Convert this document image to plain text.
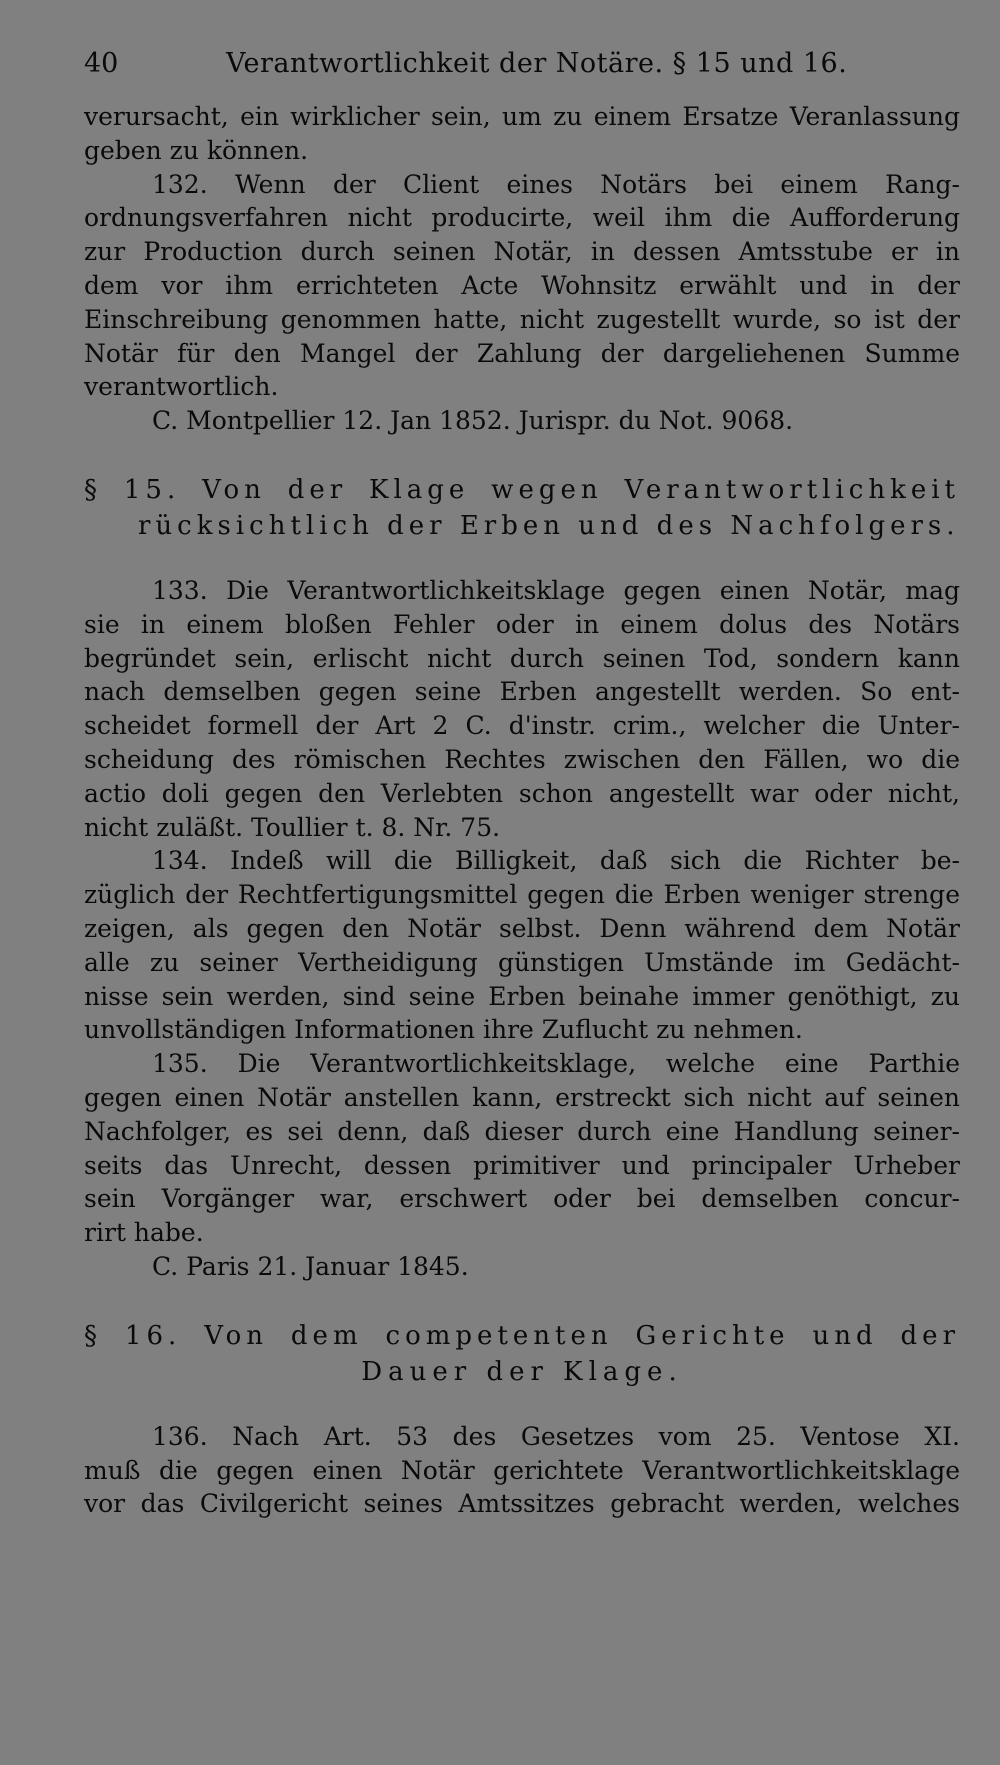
40	Verantwortlichkeit der Notäre. § 15 und 16.
verursacht, ein wirklicher sein, um zu einem Ersatze Veranlassung
geben zu können.
132. Wenn der Client eines Notärs bei einem Rang-
ordnungsverfahren nicht producirte, weil ihm die Aufforderung
zur Production durch seinen Notär, in dessen Amtsstube er in
dem vor ihm errichteten Acte Wohnsitz erwählt und in der
Einschreibung genommen hatte, nicht zugestellt wurde, so ist der
Notär für den Mangel der Zahlung der dargeliehenen Summe
verantwortlich.
C. Montpellier 12. Jan 1852. Jurispr. du Not. 9068.
§ 15. Von der Klage wegen Verantwortlichkeit
rücksichtlich der Erben und des Nachfolgers.
133. Die Verantwortlichkeitsklage gegen einen Notär, mag
sie in einem bloßen Fehler oder in einem dolus des Notärs
begründet sein, erlischt nicht durch seinen Tod, sondern kann
nach demselben gegen seine Erben angestellt werden. So ent-
scheidet formell der Art 2 C. d'instr. crim., welcher die Unter-
scheidung des römischen Rechtes zwischen den Fällen, wo die
actio doli gegen den Verlebten schon angestellt war oder nicht,
nicht zuläßt. Toullier t. 8. Nr. 75.
134. Indeß will die Billigkeit, daß sich die Richter be-
züglich der Rechtfertigungsmittel gegen die Erben weniger strenge
zeigen, als gegen den Notär selbst. Denn während dem Notär
alle zu seiner Vertheidigung günstigen Umstände im Gedächt-
nisse sein werden, sind seine Erben beinahe immer genöthigt, zu
unvollständigen Informationen ihre Zuflucht zu nehmen.
135. Die Verantwortlichkeitsklage, welche eine Parthie
gegen einen Notär anstellen kann, erstreckt sich nicht auf seinen
Nachfolger, es sei denn, daß dieser durch eine Handlung seiner-
seits das Unrecht, dessen primitiver und principaler Urheber
sein Vorgänger war, erschwert oder bei demselben concur-
rirt habe.
C. Paris 21. Januar 1845.
§ 16. Von dem competenten Gerichte und der
Dauer der Klage.
136. Nach Art. 53 des Gesetzes vom 25. Ventose XI.
muß die gegen einen Notär gerichtete Verantwortlichkeitsklage
vor das Civilgericht seines Amtssitzes gebracht werden, welches
